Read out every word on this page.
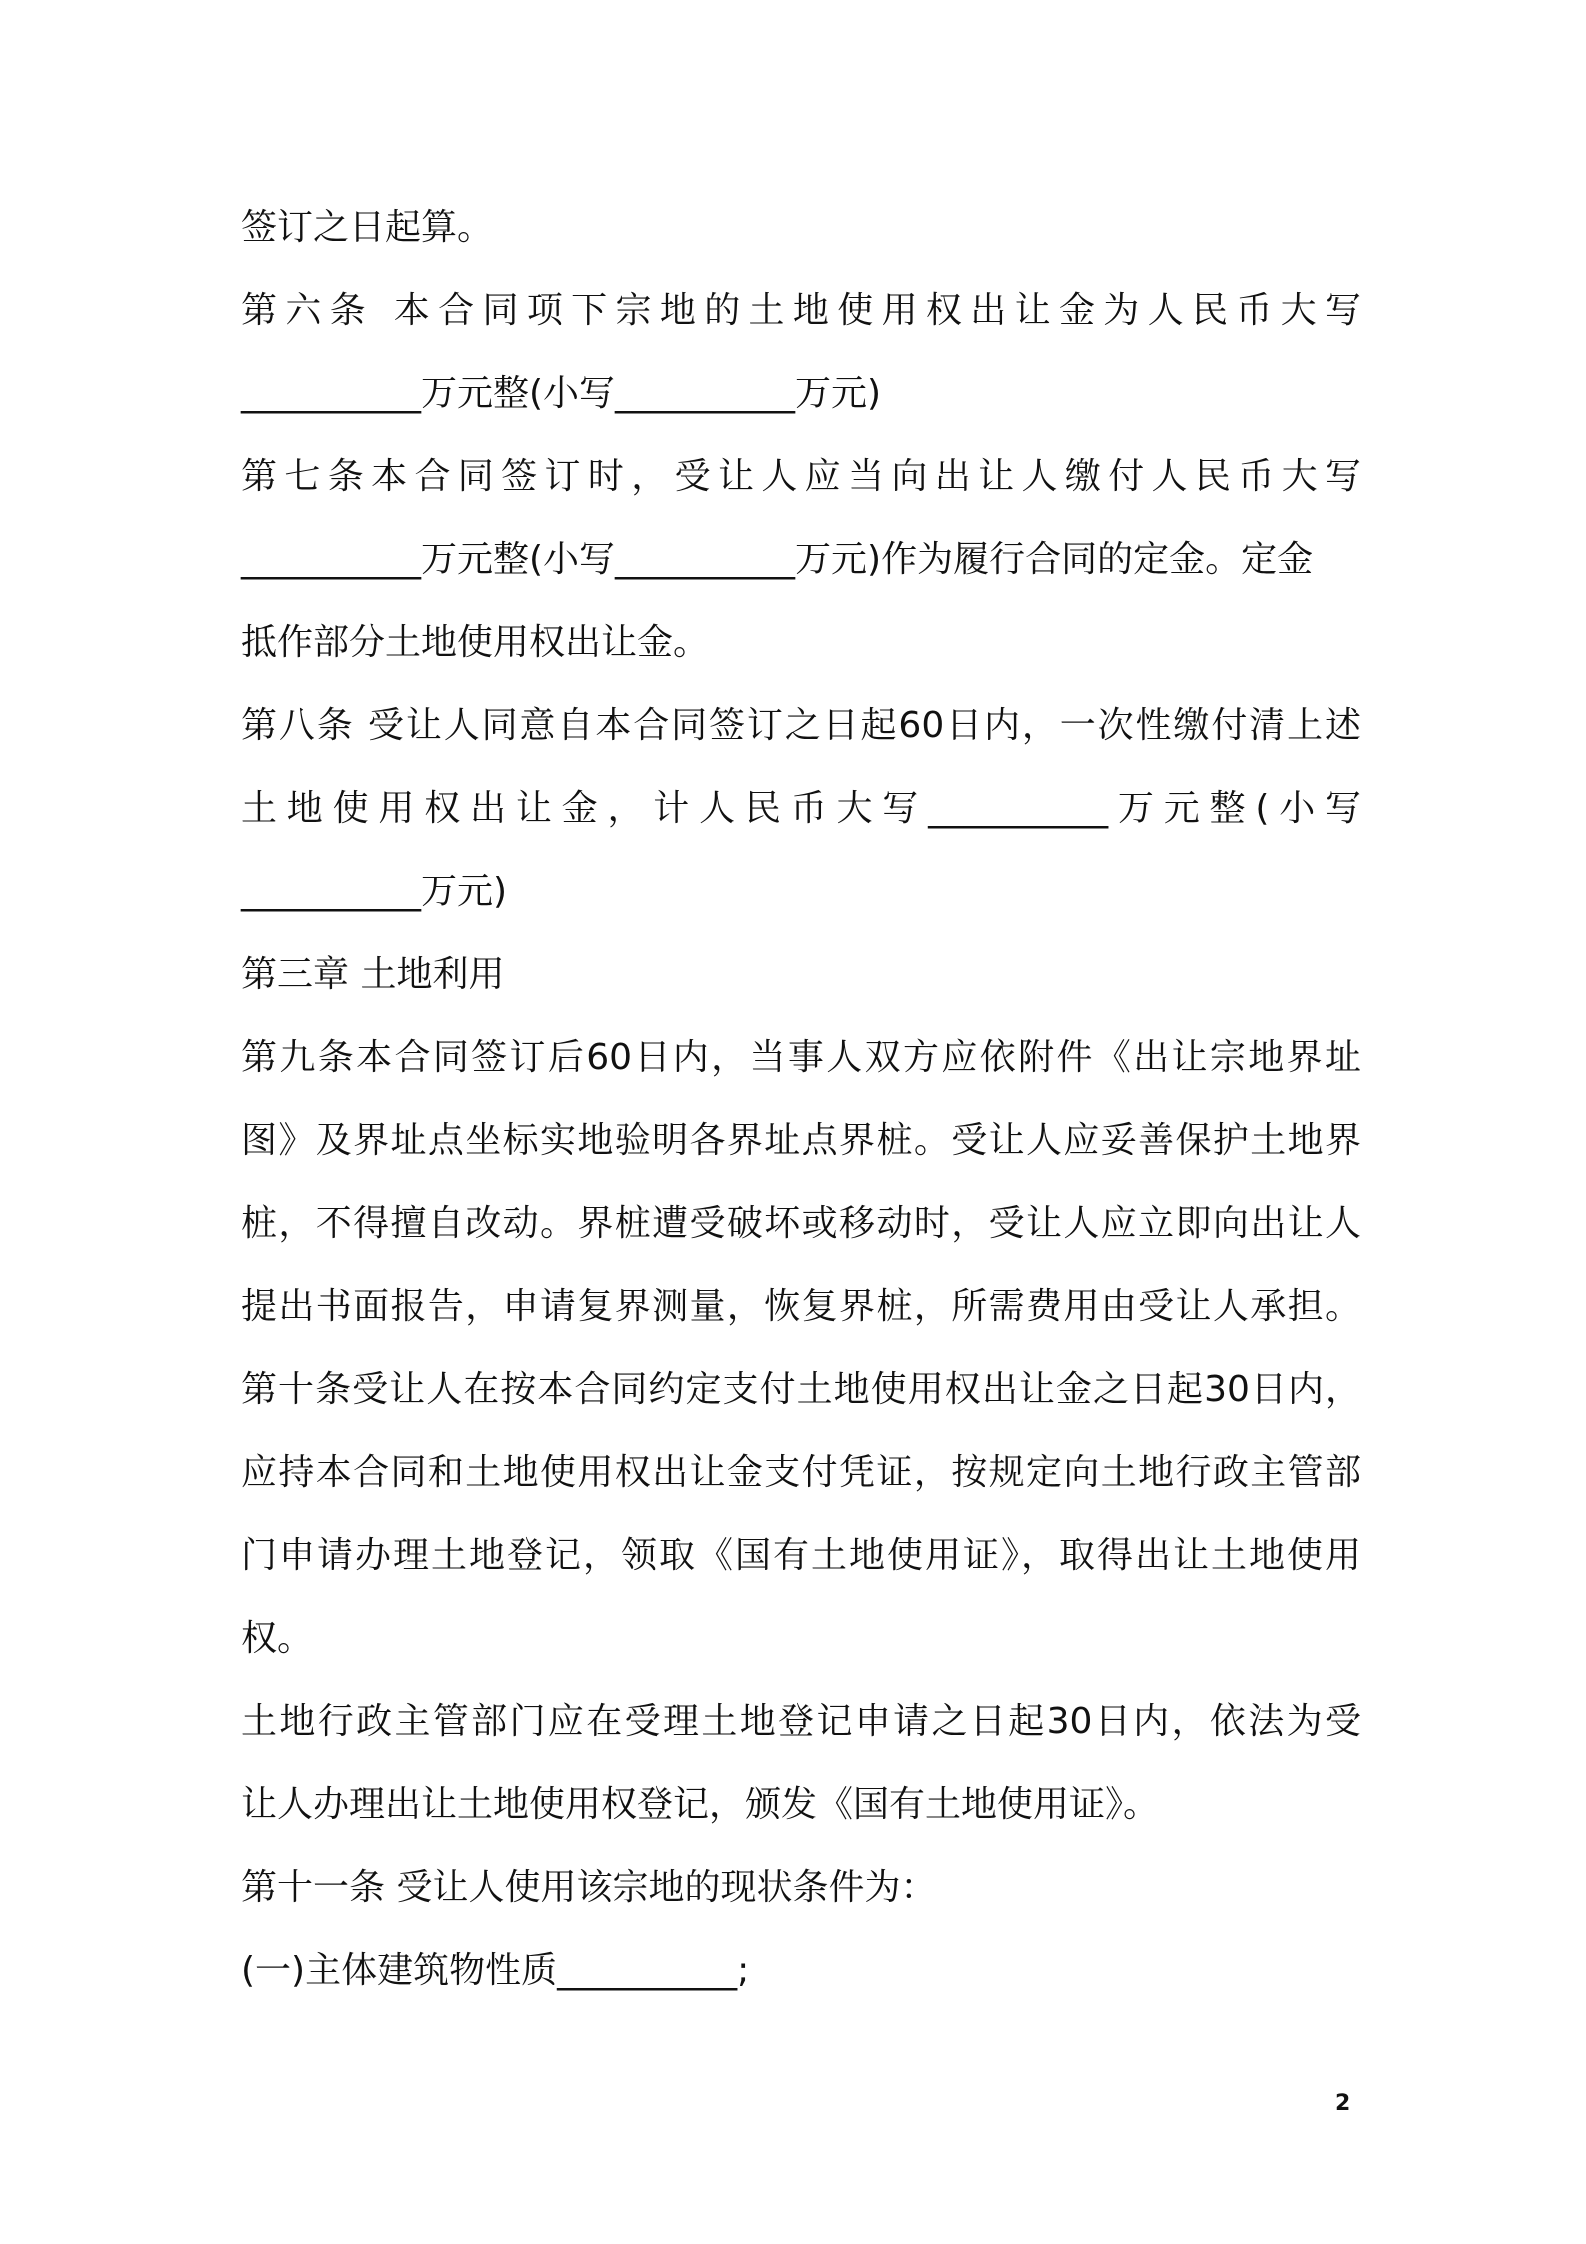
签订之日起算。
第六条 本合同项下宗地的土地使用权出让金为人民币大写
__________万元整(小写__________万元)
第七条本合同签订时，受让人应当向出让人缴付人民币大写
__________万元整(小写__________万元)作为履行合同的定金。定金
抵作部分土地使用权出让金。
第八条 受让人同意自本合同签订之日起60日内，一次性缴付清上述
土地使用权出让金，计人民币大写__________万元整(小写
__________万元)
第三章 土地利用
第九条本合同签订后60日内，当事人双方应依附件《出让宗地界址
图》及界址点坐标实地验明各界址点界桩。受让人应妥善保护土地界
桩，不得擅自改动。界桩遭受破坏或移动时，受让人应立即向出让人
提出书面报告，申请复界测量，恢复界桩，所需费用由受让人承担。
第十条受让人在按本合同约定支付土地使用权出让金之日起30日内，
应持本合同和土地使用权出让金支付凭证，按规定向土地行政主管部
门申请办理土地登记，领取《国有土地使用证》，取得出让土地使用
权。
土地行政主管部门应在受理土地登记申请之日起30日内，依法为受
让人办理出让土地使用权登记，颁发《国有土地使用证》。
第十一条 受让人使用该宗地的现状条件为：
(一)主体建筑物性质__________;
2
